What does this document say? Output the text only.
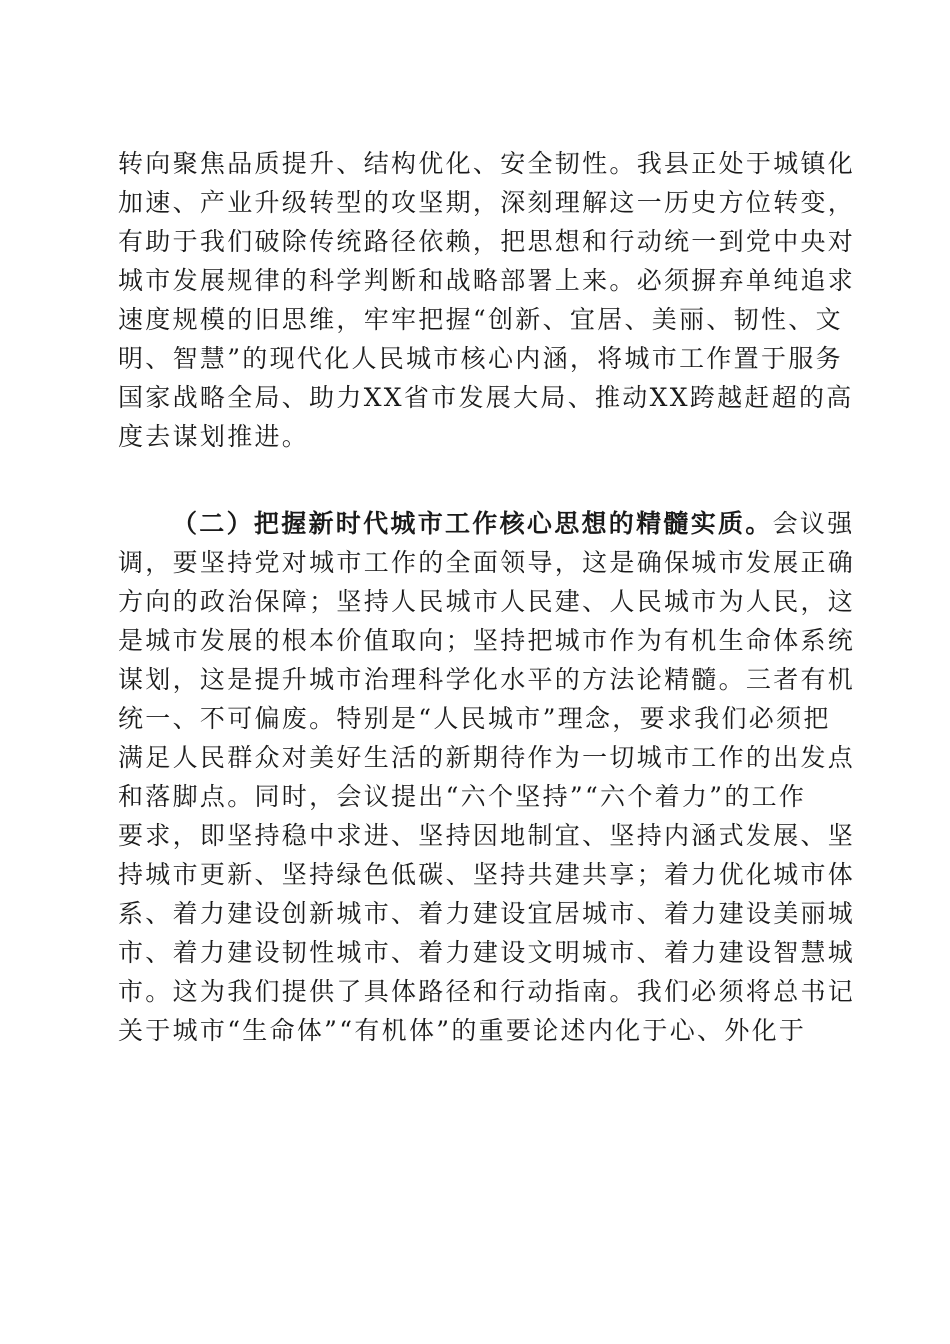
转向聚焦品质提升、结构优化、安全韧性。我县正处于城镇化
加速、产业升级转型的攻坚期，深刻理解这一历史方位转变，
有助于我们破除传统路径依赖，把思想和行动统一到党中央对
城市发展规律的科学判断和战略部署上来。必须摒弃单纯追求
速度规模的旧思维，牢牢把握“创新、宜居、美丽、韧性、文
明、智慧”的现代化人民城市核心内涵，将城市工作置于服务
国家战略全局、助力XX省市发展大局、推动XX跨越赶超的高
度去谋划推进。
（二）把握新时代城市工作核心思想的精髓实质。会议强
调，要坚持党对城市工作的全面领导，这是确保城市发展正确
方向的政治保障；坚持人民城市人民建、人民城市为人民，这
是城市发展的根本价值取向；坚持把城市作为有机生命体系统
谋划，这是提升城市治理科学化水平的方法论精髓。三者有机
统一、不可偏废。特别是“人民城市”理念，要求我们必须把
满足人民群众对美好生活的新期待作为一切城市工作的出发点
和落脚点。同时，会议提出“六个坚持”“六个着力”的工作
要求，即坚持稳中求进、坚持因地制宜、坚持内涵式发展、坚
持城市更新、坚持绿色低碳、坚持共建共享；着力优化城市体
系、着力建设创新城市、着力建设宜居城市、着力建设美丽城
市、着力建设韧性城市、着力建设文明城市、着力建设智慧城
市。这为我们提供了具体路径和行动指南。我们必须将总书记
关于城市“生命体”“有机体”的重要论述内化于心、外化于
